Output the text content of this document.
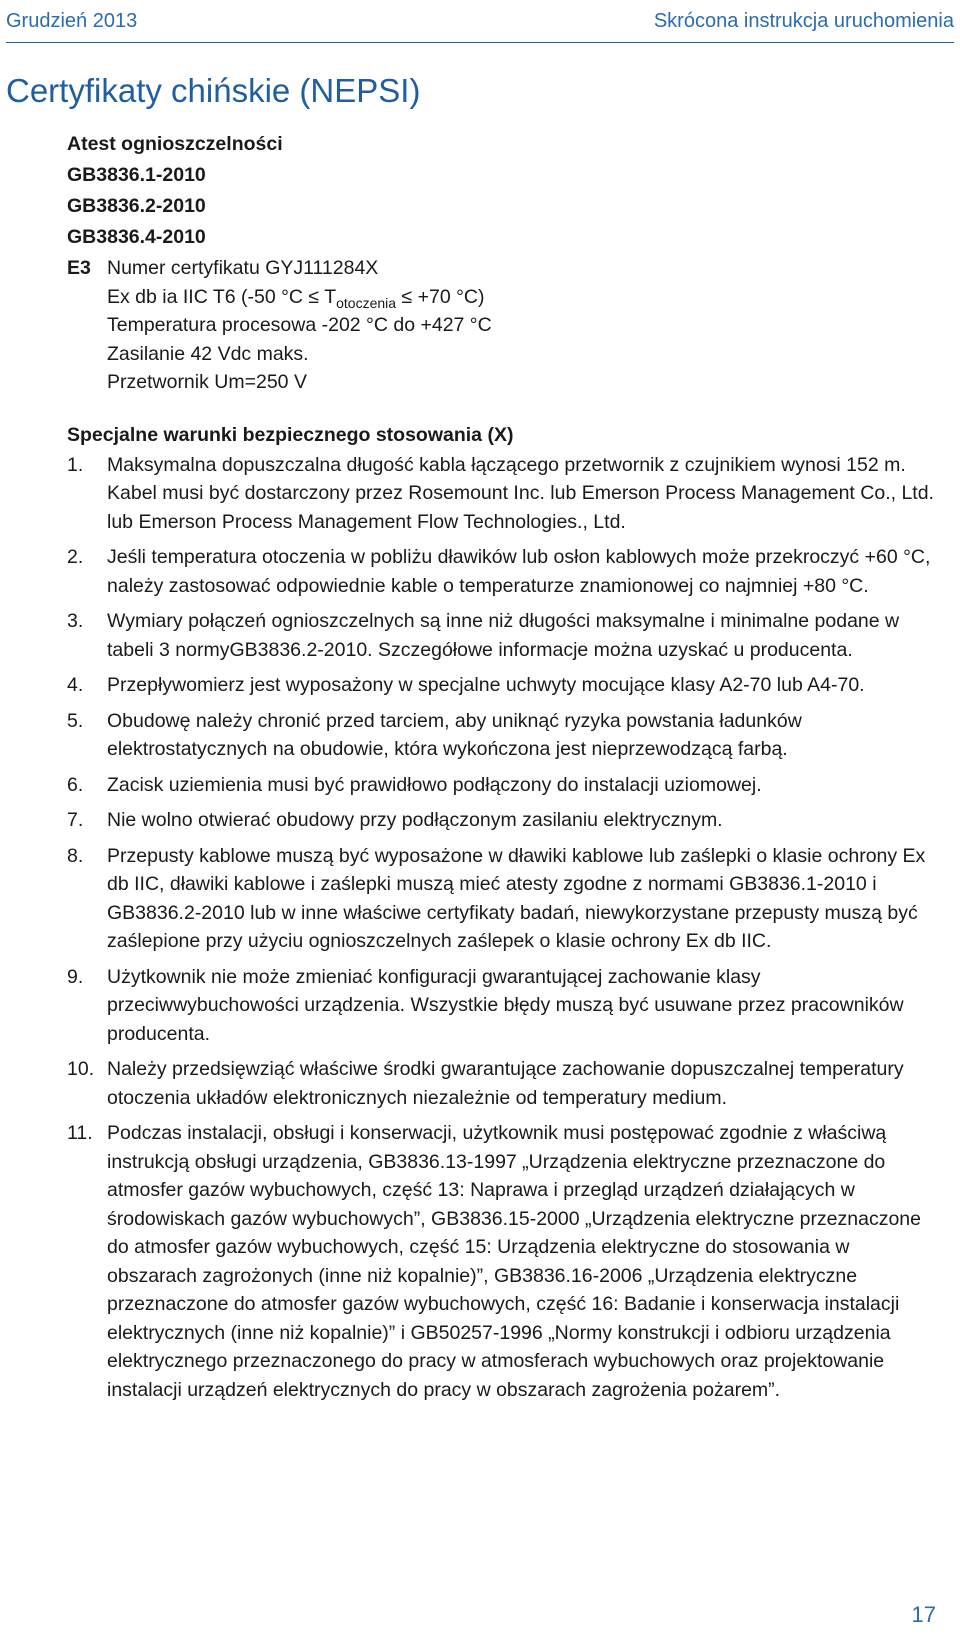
Grudzień 2013	Skrócona instrukcja uruchomienia
Certyfikaty chińskie (NEPSI)
Atest ognioszczelności
GB3836.1-2010
GB3836.2-2010
GB3836.4-2010
E3 Numer certyfikatu GYJ111284X
Ex db ia IIC T6 (-50 $^\circ C \le T_{otoczenia} \le +70$ °C)
Temperatura procesowa -202 °C do +427 °C
Zasilanie 42 Vdc maks.
Przetwornik Um=250 V
Specjalne warunki bezpiecznego stosowania (X)
1.	Maksymalna dopuszczalna długość kabla łączącego przetwornik z czujnikiem wynosi 152 m. Kabel musi być dostarczony przez Rosemount Inc. lub Emerson Process Management Co., Ltd. lub Emerson Process Management Flow Technologies., Ltd.
2.	Jeśli temperatura otoczenia w pobliżu dławików lub osłon kablowych może przekroczyć +60 °C, należy zastosować odpowiednie kable o temperaturze znamionowej co najmniej +80 °C.
3.	Wymiary połączeń ognioszczelnych są inne niż długości maksymalne i minimalne podane w tabeli 3 normyGB3836.2-2010. Szczegółowe informacje można uzyskać u producenta.
4.	Przepływomierz jest wyposażony w specjalne uchwyty mocujące klasy A2-70 lub A4-70.
5.	Obudowę należy chronić przed tarciem, aby uniknąć ryzyka powstania ładunków elektrostatycznych na obudowie, która wykończona jest nieprzewodzącą farbą.
6.	Zacisk uziemienia musi być prawidłowo podłączony do instalacji uziomowej.
7.	Nie wolno otwierać obudowy przy podłączonym zasilaniu elektrycznym.
8.	Przepusty kablowe muszą być wyposażone w dławiki kablowe lub zaślepki o klasie ochrony Ex db IIC, dławiki kablowe i zaślepki muszą mieć atesty zgodne z normami GB3836.1-2010 i GB3836.2-2010 lub w inne właściwe certyfikaty badań, niewykorzystane przepusty muszą być zaślepione przy użyciu ognioszczelnych zaślepek o klasie ochrony Ex db IIC.
9.	Użytkownik nie może zmieniać konfiguracji gwarantującej zachowanie klasy przeciwwybuchowości urządzenia. Wszystkie błędy muszą być usuwane przez pracowników producenta.
10. Należy przedsięwziąć właściwe środki gwarantujące zachowanie dopuszczalnej temperatury otoczenia układów elektronicznych niezależnie od temperatury medium.
11. Podczas instalacji, obsługi i konserwacji, użytkownik musi postępować zgodnie z właściwą instrukcją obsługi urządzenia, GB3836.13-1997 „Urządzenia elektryczne przeznaczone do atmosfer gazów wybuchowych, część 13: Naprawa i przegląd urządzeń działających w środowiskach gazów wybuchowych”, GB3836.15-2000 „Urządzenia elektryczne przeznaczone do atmosfer gazów wybuchowych, część 15: Urządzenia elektryczne do stosowania w obszarach zagrożonych (inne niż kopalnie)”, GB3836.16-2006 „Urządzenia elektryczne przeznaczone do atmosfer gazów wybuchowych, część 16: Badanie i konserwacja instalacji elektrycznych (inne niż kopalnie)” i GB50257-1996 „Normy konstrukcji i odbioru urządzenia elektrycznego przeznaczonego do pracy w atmosferach wybuchowych oraz projektowanie instalacji urządzeń elektrycznych do pracy w obszarach zagrożenia pożarem”.
17
